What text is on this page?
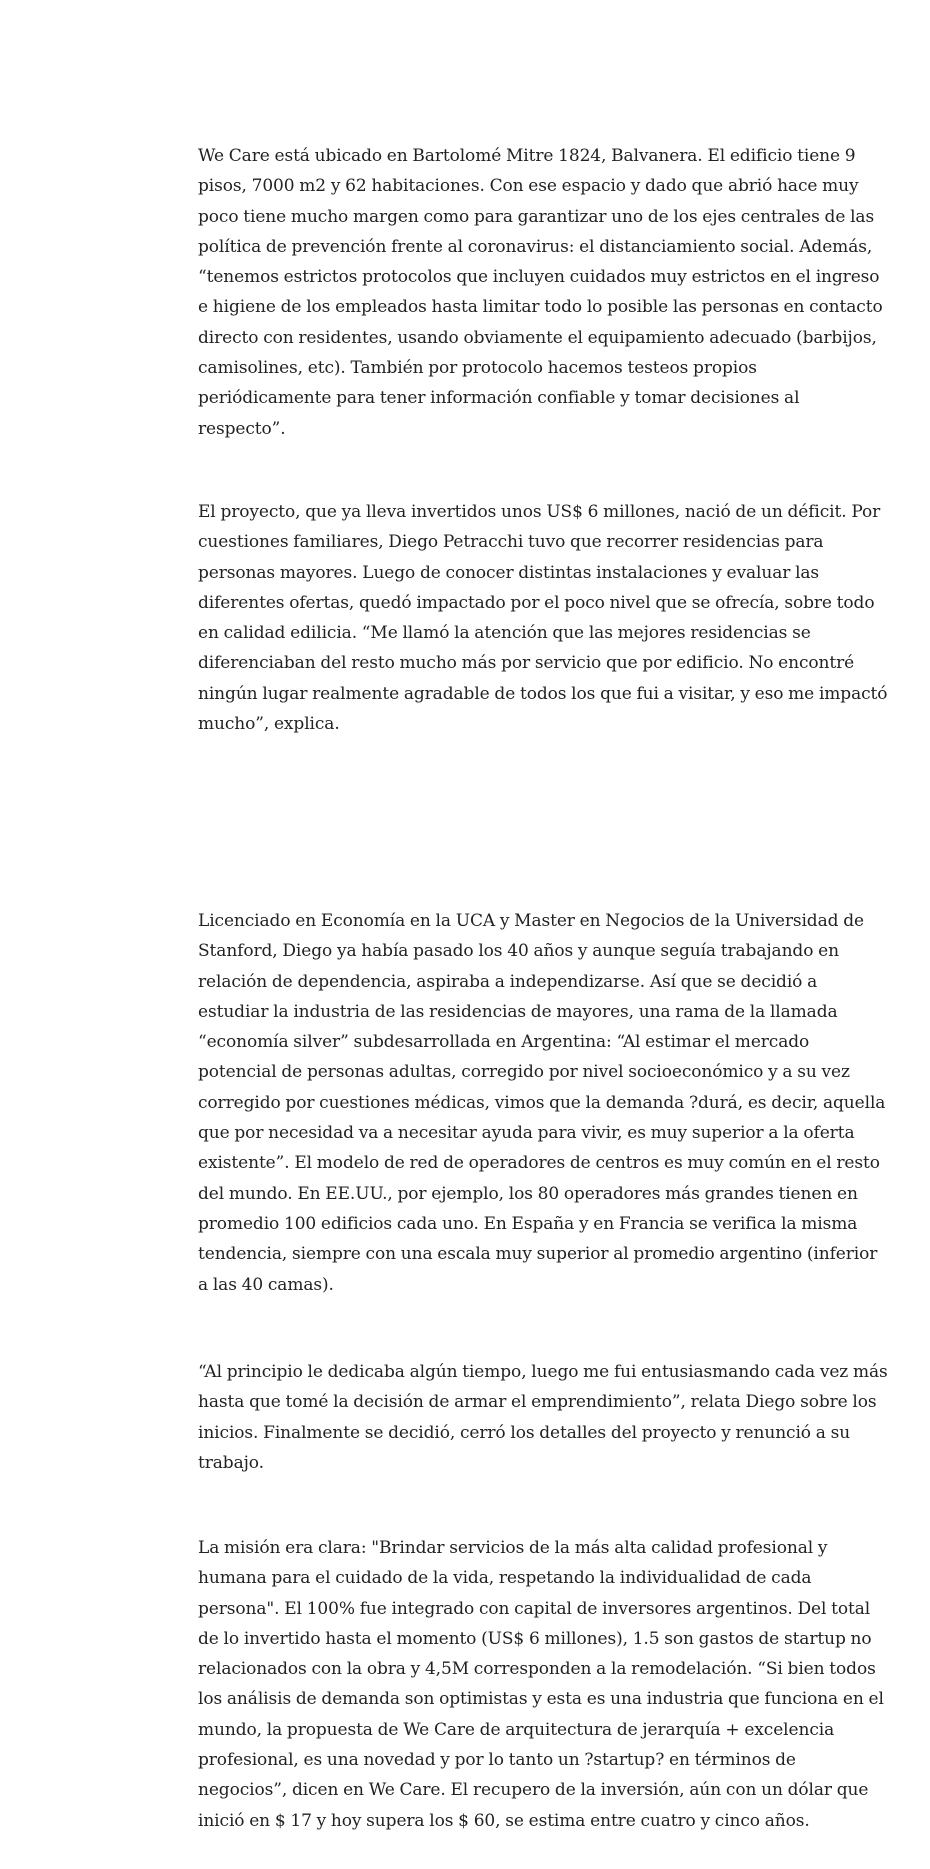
We Care está ubicado en Bartolomé Mitre 1824, Balvanera. El edificio tiene 9 pisos, 7000 m2 y 62 habitaciones. Con ese espacio y dado que abrió hace muy poco tiene mucho margen como para garantizar uno de los ejes centrales de las política de prevención frente al coronavirus: el distanciamiento social. Además, “tenemos estrictos protocolos que incluyen cuidados muy estrictos en el ingreso e higiene de los empleados hasta limitar todo lo posible las personas en contacto directo con residentes, usando obviamente el equipamiento adecuado (barbijos, camisolines, etc). También por protocolo hacemos testeos propios periódicamente para tener información confiable y tomar decisiones al respecto”.

El proyecto, que ya lleva invertidos unos US$ 6 millones, nació de un déficit. Por cuestiones familiares, Diego Petracchi tuvo que recorrer residencias para personas mayores. Luego de conocer distintas instalaciones y evaluar las diferentes ofertas, quedó impactado por el poco nivel que se ofrecía, sobre todo en calidad edilicia. “Me llamó la atención que las mejores residencias se diferenciaban del resto mucho más por servicio que por edificio. No encontré ningún lugar realmente agradable de todos los que fui a visitar, y eso me impactó mucho”, explica.

Licenciado en Economía en la UCA y Master en Negocios de la Universidad de Stanford, Diego ya había pasado los 40 años y aunque seguía trabajando en relación de dependencia, aspiraba a independizarse. Así que se decidió a estudiar la industria de las residencias de mayores, una rama de la llamada “economía silver” subdesarrollada en Argentina: “Al estimar el mercado potencial de personas adultas, corregido por nivel socioeconómico y a su vez corregido por cuestiones médicas, vimos que la demanda ?durá, es decir, aquella que por necesidad va a necesitar ayuda para vivir, es muy superior a la oferta existente”. El modelo de red de operadores de centros es muy común en el resto del mundo. En EE.UU., por ejemplo, los 80 operadores más grandes tienen en promedio 100 edificios cada uno. En España y en Francia se verifica la misma tendencia, siempre con una escala muy superior al promedio argentino (inferior a las 40 camas).

“Al principio le dedicaba algún tiempo, luego me fui entusiasmando cada vez más hasta que tomé la decisión de armar el emprendimiento”, relata Diego sobre los inicios. Finalmente se decidió, cerró los detalles del proyecto y renunció a su trabajo.

La misión era clara: "Brindar servicios de la más alta calidad profesional y humana para el cuidado de la vida, respetando la individualidad de cada persona". El 100% fue integrado con capital de inversores argentinos. Del total de lo invertido hasta el momento (US$ 6 millones), 1.5 son gastos de startup no relacionados con la obra y 4,5M corresponden a la remodelación. “Si bien todos los análisis de demanda son optimistas y esta es una industria que funciona en el mundo, la propuesta de We Care de arquitectura de jerarquía + excelencia profesional, es una novedad y por lo tanto un ?startup? en términos de negocios”, dicen en We Care. El recupero de la inversión, aún con un dólar que inició en $ 17 y hoy supera los $ 60, se estima entre cuatro y cinco años.
